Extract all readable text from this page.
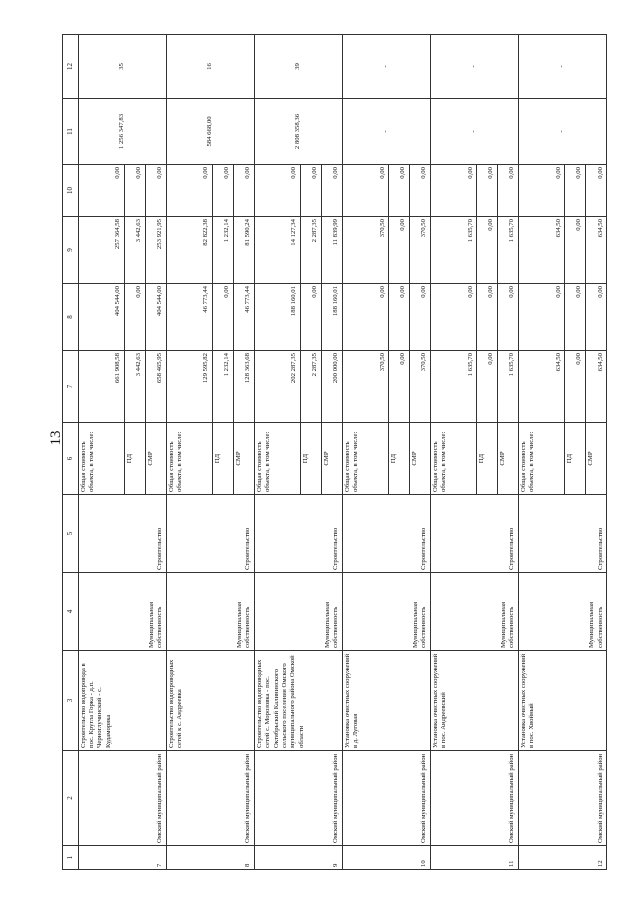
13
1	2	3	4	5	6	7	8	9	10	11	12
7	Омский муниципальный район	Строительство водопровода в пос. Кругла Горка - д.п. Черноглучинский - с. Кудаморяка	Муниципальная собственность	Строительство	Общая стоимость объекта, в том числе:	661 908,58	404 544,00	257 364,58	0,00	1 256 347,83	35
					ПД	3 442,63	0,00	3 442,63	0,00		
					СМР	658 465,95	404 544,00	253 921,95	0,00		
8	Омский муниципальный район	Строительство водопроводных сетей к с. Андреевка	Муниципальная собственность	Строительство	Общая стоимость объекта, в том числе:	129 595,82	46 773,44	82 822,38	0,00	584 668,00	16
					ПД	1 232,14	0,00	1 232,14	0,00		
					СМР	128 363,68	46 773,44	81 590,24	0,00		
9	Омский муниципальный район	Строительство водопроводных сетей с. Морозовка - пос. Октябрьский Калининского сельского поселения Омского муниципального района Омской области	Муниципальная собственность	Строительство	Общая стоимость объекта, в том числе:	202 287,35	188 160,01	14 127,34	0,00	2 808 358,36	39
					ПД	2 287,35	0,00	2 287,35	0,00		
					СМР	200 000,00	188 160,01	11 839,99	0,00		
10	Омский муниципальный район	Установка очистных сооружений в д. Луговая	Муниципальная собственность	Строительство	Общая стоимость объекта, в том числе:	370,50	0,00	370,50	0,00	-	-
					ПД	0,00	0,00	0,00	0,00		
					СМР	370,50	0,00	370,50	0,00		
11	Омский муниципальный район	Установка очистных сооружений в пос. Андреевский	Муниципальная собственность	Строительство	Общая стоимость объекта, в том числе:	1 635,70	0,00	1 635,70	0,00	-	-
					ПД	0,00	0,00	0,00	0,00		
					СМР	1 635,70	0,00	1 635,70	0,00		
12	Омский муниципальный район	Установка очистных сооружений в пос. Хвойный	Муниципальная собственность	Строительство	Общая стоимость объекта, в том числе:	634,50	0,00	634,50	0,00	-	-
					ПД	0,00	0,00	0,00	0,00		
					СМР	634,50	0,00	634,50	0,00		
